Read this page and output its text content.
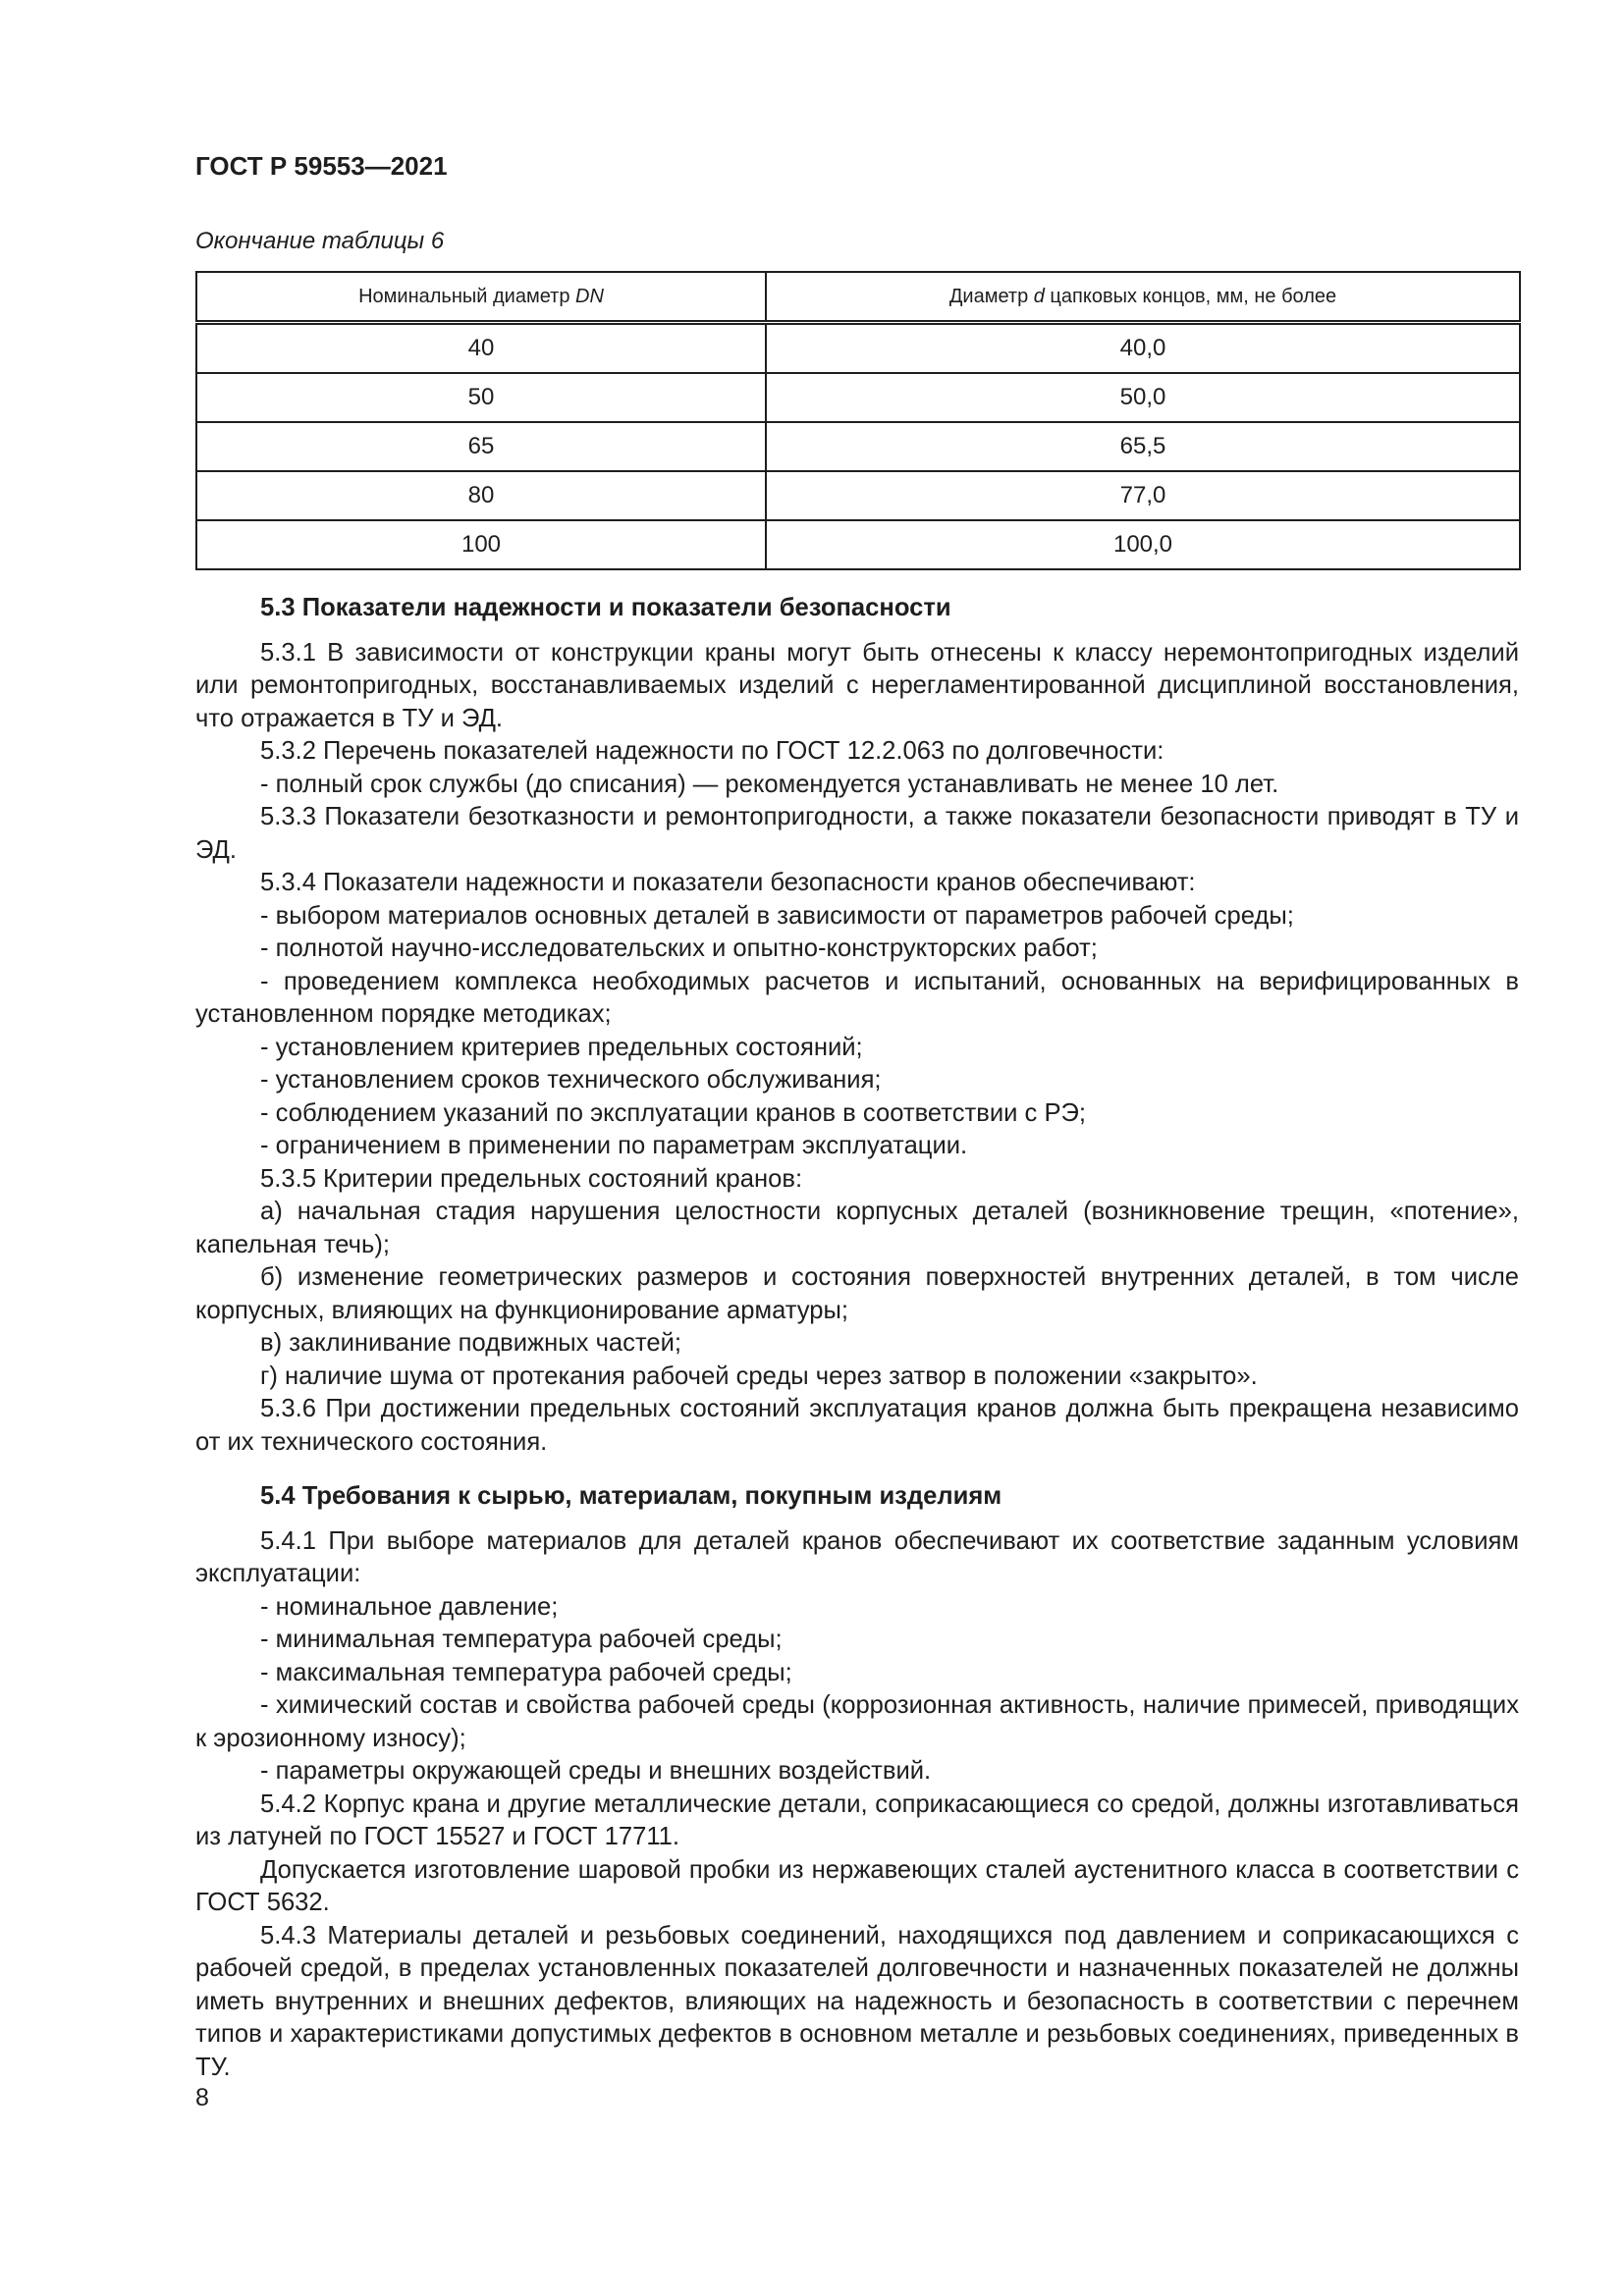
ГОСТ Р 59553—2021

Окончание таблицы 6

Номинальный диаметр DN	Диаметр d цапковых концов, мм, не более
40	40,0
50	50,0
65	65,5
80	77,0
100	100,0

5.3 Показатели надежности и показатели безопасности

5.3.1 В зависимости от конструкции краны могут быть отнесены к классу неремонтопригодных изделий или ремонтопригодных, восстанавливаемых изделий с нерегламентированной дисциплиной восстановления, что отражается в ТУ и ЭД.

5.3.2 Перечень показателей надежности по ГОСТ 12.2.063 по долговечности:

- полный срок службы (до списания) — рекомендуется устанавливать не менее 10 лет.

5.3.3 Показатели безотказности и ремонтопригодности, а также показатели безопасности приводят в ТУ и ЭД.

5.3.4 Показатели надежности и показатели безопасности кранов обеспечивают:

- выбором материалов основных деталей в зависимости от параметров рабочей среды;

- полнотой научно-исследовательских и опытно-конструкторских работ;

- проведением комплекса необходимых расчетов и испытаний, основанных на верифицированных в установленном порядке методиках;

- установлением критериев предельных состояний;

- установлением сроков технического обслуживания;

- соблюдением указаний по эксплуатации кранов в соответствии с РЭ;

- ограничением в применении по параметрам эксплуатации.

5.3.5 Критерии предельных состояний кранов:

а) начальная стадия нарушения целостности корпусных деталей (возникновение трещин, «потение», капельная течь);

б) изменение геометрических размеров и состояния поверхностей внутренних деталей, в том числе корпусных, влияющих на функционирование арматуры;

в) заклинивание подвижных частей;

г) наличие шума от протекания рабочей среды через затвор в положении «закрыто».

5.3.6 При достижении предельных состояний эксплуатация кранов должна быть прекращена независимо от их технического состояния.

5.4 Требования к сырью, материалам, покупным изделиям

5.4.1 При выборе материалов для деталей кранов обеспечивают их соответствие заданным условиям эксплуатации:

- номинальное давление;

- минимальная температура рабочей среды;

- максимальная температура рабочей среды;

- химический состав и свойства рабочей среды (коррозионная активность, наличие примесей, приводящих к эрозионному износу);

- параметры окружающей среды и внешних воздействий.

5.4.2 Корпус крана и другие металлические детали, соприкасающиеся со средой, должны изготавливаться из латуней по ГОСТ 15527 и ГОСТ 17711.

Допускается изготовление шаровой пробки из нержавеющих сталей аустенитного класса в соответствии с ГОСТ 5632.

5.4.3 Материалы деталей и резьбовых соединений, находящихся под давлением и соприкасающихся с рабочей средой, в пределах установленных показателей долговечности и назначенных показателей не должны иметь внутренних и внешних дефектов, влияющих на надежность и безопасность в соответствии с перечнем типов и характеристиками допустимых дефектов в основном металле и резьбовых соединениях, приведенных в ТУ.

8
